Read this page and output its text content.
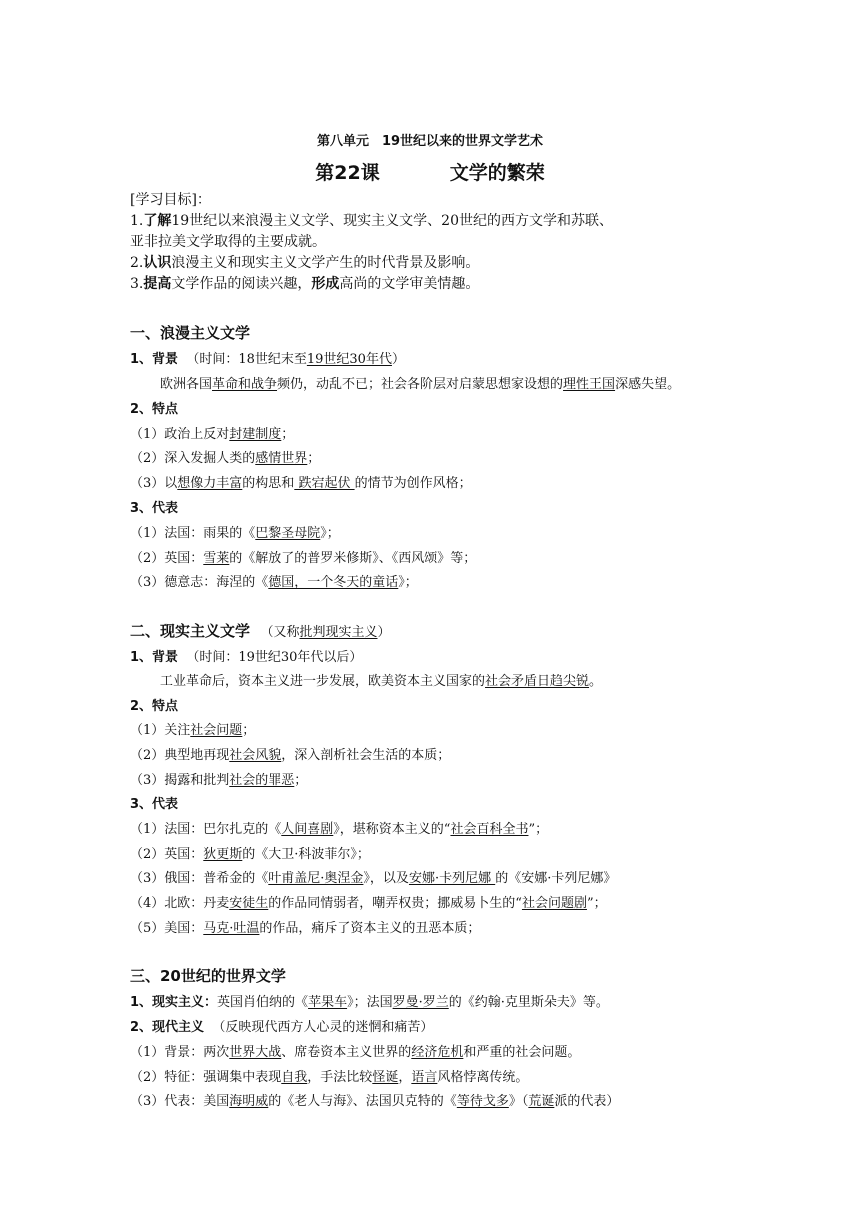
第八单元　19世纪以来的世界文学艺术
第22课	文学的繁荣
[学习目标]：
1.了解19世纪以来浪漫主义文学、现实主义文学、20世纪的西方文学和苏联、
亚非拉美文学取得的主要成就。
2.认识浪漫主义和现实主义文学产生的时代背景及影响。
3.提高文学作品的阅读兴趣，形成高尚的文学审美情趣。
一、浪漫主义文学
1、背景 （时间：18世纪末至19世纪30年代）
欧洲各国革命和战争频仍，动乱不已；社会各阶层对启蒙思想家设想的理性王国深感失望。
2、特点
（1）政治上反对封建制度；
（2）深入发掘人类的感情世界；
（3）以想像力丰富的构思和 跌宕起伏 的情节为创作风格；
3、代表
（1）法国：雨果的《巴黎圣母院》；
（2）英国：雪莱的《解放了的普罗米修斯》、《西风颂》等；
（3）德意志：海涅的《德国，一个冬天的童话》；
二、现实主义文学 （又称批判现实主义）
1、背景 （时间：19世纪30年代以后）
工业革命后，资本主义进一步发展，欧美资本主义国家的社会矛盾日趋尖锐。
2、特点
（1）关注社会问题；
（2）典型地再现社会风貌，深入剖析社会生活的本质；
（3）揭露和批判社会的罪恶；
3、代表
（1）法国：巴尔扎克的《人间喜剧》，堪称资本主义的“社会百科全书”；
（2）英国：狄更斯的《大卫·科波菲尔》；
（3）俄国：普希金的《叶甫盖尼·奥涅金》，以及安娜·卡列尼娜 的《安娜·卡列尼娜》
（4）北欧：丹麦安徒生的作品同情弱者，嘲弄权贵；挪威易卜生的“社会问题剧”；
（5）美国：马克·吐温的作品，痛斥了资本主义的丑恶本质；
三、20世纪的世界文学
1、现实主义：英国肖伯纳的《苹果车》；法国罗曼·罗兰的《约翰·克里斯朵夫》等。
2、现代主义 （反映现代西方人心灵的迷惘和痛苦）
（1）背景：两次世界大战、席卷资本主义世界的经济危机和严重的社会问题。
（2）特征：强调集中表现自我，手法比较怪诞，语言风格悖离传统。
（3）代表：美国海明威的《老人与海》、法国贝克特的《等待戈多》（荒诞派的代表）
